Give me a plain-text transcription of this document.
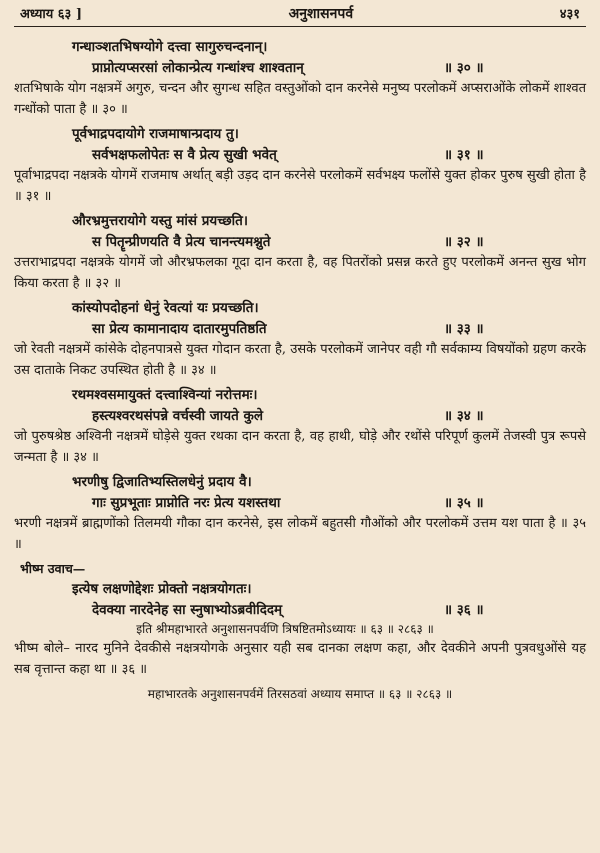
अध्याय ६३ ]	अनुशासनपर्व	४३१
गन्धाञ्शतभिषग्योगे दत्त्वा सागुरुचन्दनान्।
प्राप्नोत्यप्सरसां लोकान्प्रेत्य गन्धांश्च शाश्वतान्	॥ ३० ॥
शतभिषाके योग नक्षत्रमें अगुरु, चन्दन और सुगन्ध सहित वस्तुओंको दान करनेसे मनुष्य परलोकमें अप्सराओंके लोकमें शाश्वत गन्धोंको पाता है ॥ ३० ॥
पूर्वभाद्रपदायोगे राजमाषान्प्रदाय तु।
सर्वभक्षफलोपेतः स वै प्रेत्य सुखी भवेत्	॥ ३१ ॥
पूर्वाभाद्रपदा नक्षत्रके योगमें राजमाष अर्थात् बड़ी उड़द दान करनेसे परलोकमें सर्वभक्ष्य फलोंसे युक्त होकर पुरुष सुखी होता है ॥ ३१ ॥
औरभ्रमुत्तरायोगे यस्तु मांसं प्रयच्छति।
स पितॄन्प्रीणयति वै प्रेत्य चानन्त्यमश्नुते	॥ ३२ ॥
उत्तराभाद्रपदा नक्षत्रके योगमें जो औरभ्रफलका गूदा दान करता है, वह पितरोंको प्रसन्न करते हुए परलोकमें अनन्त सुख भोग किया करता है ॥ ३२ ॥
कांस्योपदोहनां धेनुं रेवत्यां यः प्रयच्छति।
सा प्रेत्य कामानादाय दातारमुपतिष्ठति	॥ ३३ ॥
जो रेवती नक्षत्रमें कांसेके दोहनपात्रसे युक्त गोदान करता है, उसके परलोकमें जानेपर वही गौ सर्वकाम्य विषयोंको ग्रहण करके उस दाताके निकट उपस्थित होती है ॥ ३४ ॥
रथमश्वसमायुक्तं दत्त्वाश्विन्यां नरोत्तमः।
हस्त्यश्वरथसंपन्ने वर्चस्वी जायते कुले	॥ ३४ ॥
जो पुरुषश्रेष्ठ अश्विनी नक्षत्रमें घोड़ेसे युक्त रथका दान करता है, वह हाथी, घोड़े और रथोंसे परिपूर्ण कुलमें तेजस्वी पुत्र रूपसे जन्मता है ॥ ३४ ॥
भरणीषु द्विजातिभ्यस्तिलधेनुं प्रदाय वै।
गाः सुप्रभूताः प्राप्नोति नरः प्रेत्य यशस्तथा	॥ ३५ ॥
भरणी नक्षत्रमें ब्राह्मणोंको तिलमयी गौका दान करनेसे, इस लोकमें बहुतसी गौओंको और परलोकमें उत्तम यश पाता है ॥ ३५ ॥
भीष्म उवाच—
इत्येष लक्षणोद्देशः प्रोक्तो नक्षत्रयोगतः।
देवक्या नारदेनेह सा स्नुषाभ्योऽब्रवीदिदम्	॥ ३६ ॥
इति श्रीमहाभारते अनुशासनपर्वणि त्रिषष्टितमोऽध्यायः ॥ ६३ ॥ २८६३ ॥
भीष्म बोले– नारद मुनिने देवकीसे नक्षत्रयोगके अनुसार यही सब दानका लक्षण कहा, और देवकीने अपनी पुत्रवधुओंसे यह सब वृत्तान्त कहा था ॥ ३६ ॥
महाभारतके अनुशासनपर्वमें तिरसठवां अध्याय समाप्त ॥ ६३ ॥ २८६३ ॥
